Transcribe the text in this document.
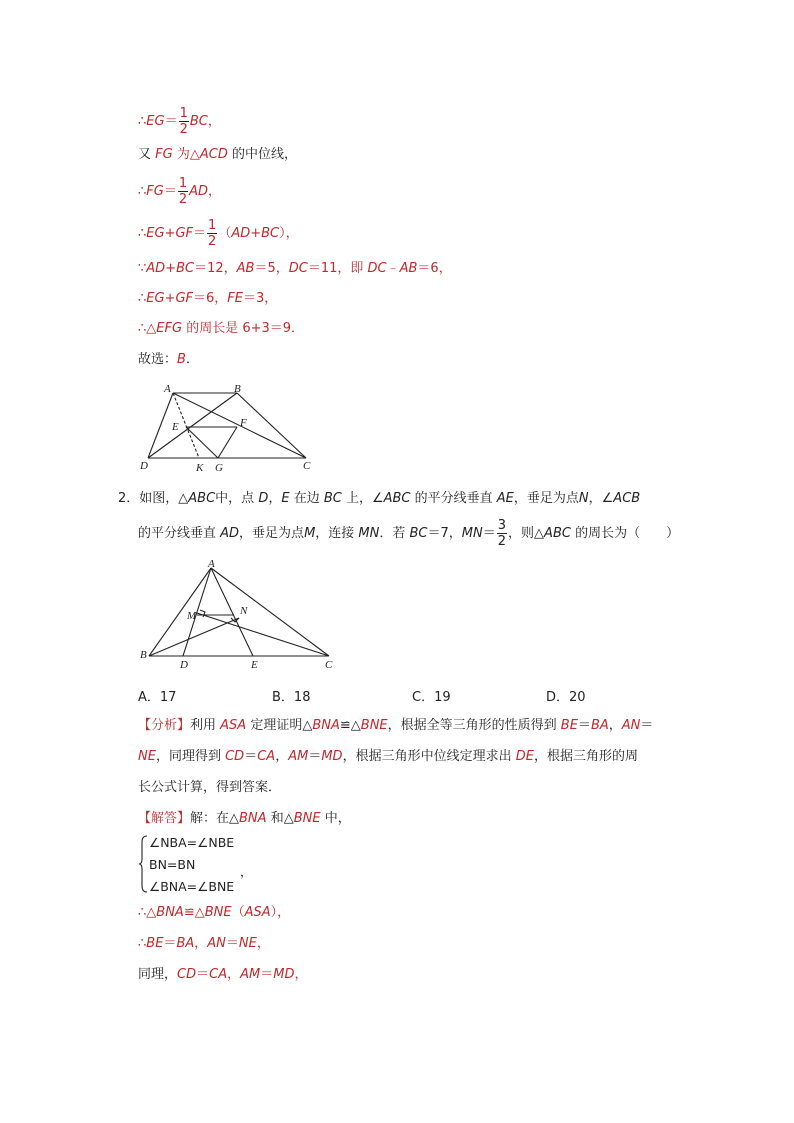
∴EG＝ $\frac{1}{2}$ BC，
又 FG 为△ACD 的中位线，
∴FG＝ $\frac{1}{2}$ AD，
∴EG+GF＝ $\frac{1}{2} (AD+BC)$，
∵AD+BC＝12，AB＝5，DC＝11，即 DC﹣AB＝6，
∴EG+GF＝6，FE＝3，
∴△EFG 的周长是 6+3＝9．
故选：B．
A	B
C
D
E	F
G
K
2．如图，△ABC中，点 D，E 在边 BC 上，∠ABC 的平分线垂直 AE，垂足为点N，∠ACB
的平分线垂直 AD，垂足为点M，连接 MN．若 BC＝7，$MN= \frac{3}{2}$ ，则△ABC 的周长为（　　）
A
B
C
D	E
M	N
A．17	B．18	C．19	D．20
【分析】利用 ASA 定理证明△BNA≌△BNE，根据全等三角形的性质得到 BE＝BA，AN＝
NE，同理得到 CD＝CA，AM＝MD，根据三角形中位线定理求出 DE，根据三角形的周
长公式计算，得到答案．
【解答】解：在△BNA 和△BNE 中，
∠NBA=∠NBE
BN=BN	，
∠BNA=∠BNE
∴△BNA≌△BNE（ASA），
∴BE＝BA，AN＝NE，
同理，CD＝CA，AM＝MD，
